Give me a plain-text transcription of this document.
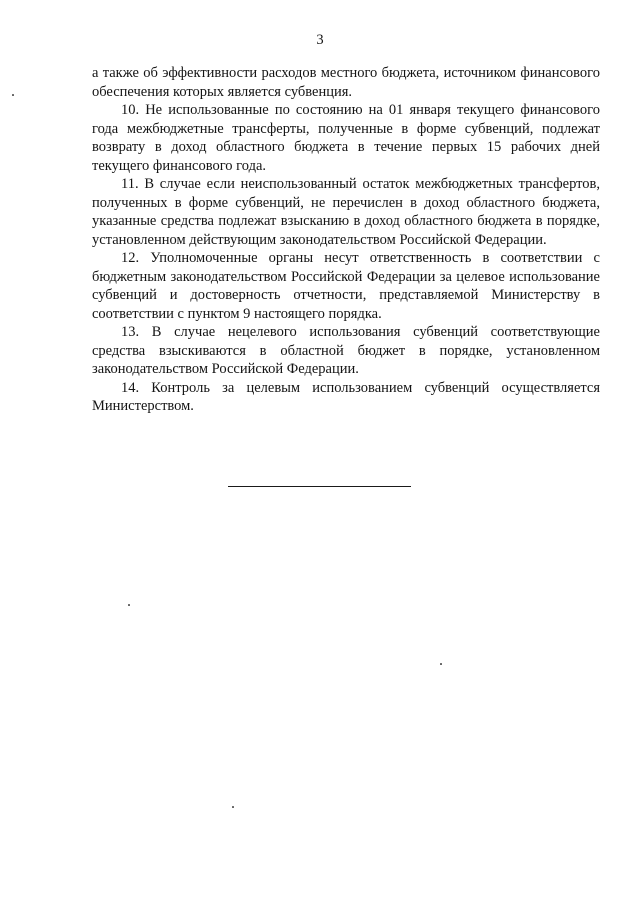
3

а также об эффективности расходов местного бюджета, источником финансового обеспечения которых является субвенция.

10. Не использованные по состоянию на 01 января текущего финансового года межбюджетные трансферты, полученные в форме субвенций, подлежат возврату в доход областного бюджета в течение первых 15 рабочих дней текущего финансового года.

11. В случае если неиспользованный остаток межбюджетных трансфертов, полученных в форме субвенций, не перечислен в доход областного бюджета, указанные средства подлежат взысканию в доход областного бюджета в порядке, установленном действующим законодательством Российской Федерации.

12. Уполномоченные органы несут ответственность в соответствии с бюджетным законодательством Российской Федерации за целевое использование субвенций и достоверность отчетности, представляемой Министерству в соответствии с пунктом 9 настоящего порядка.

13. В случае нецелевого использования субвенций соответствующие средства взыскиваются в областной бюджет в порядке, установленном законодательством Российской Федерации.

14. Контроль за целевым использованием субвенций осуществляется Министерством.
